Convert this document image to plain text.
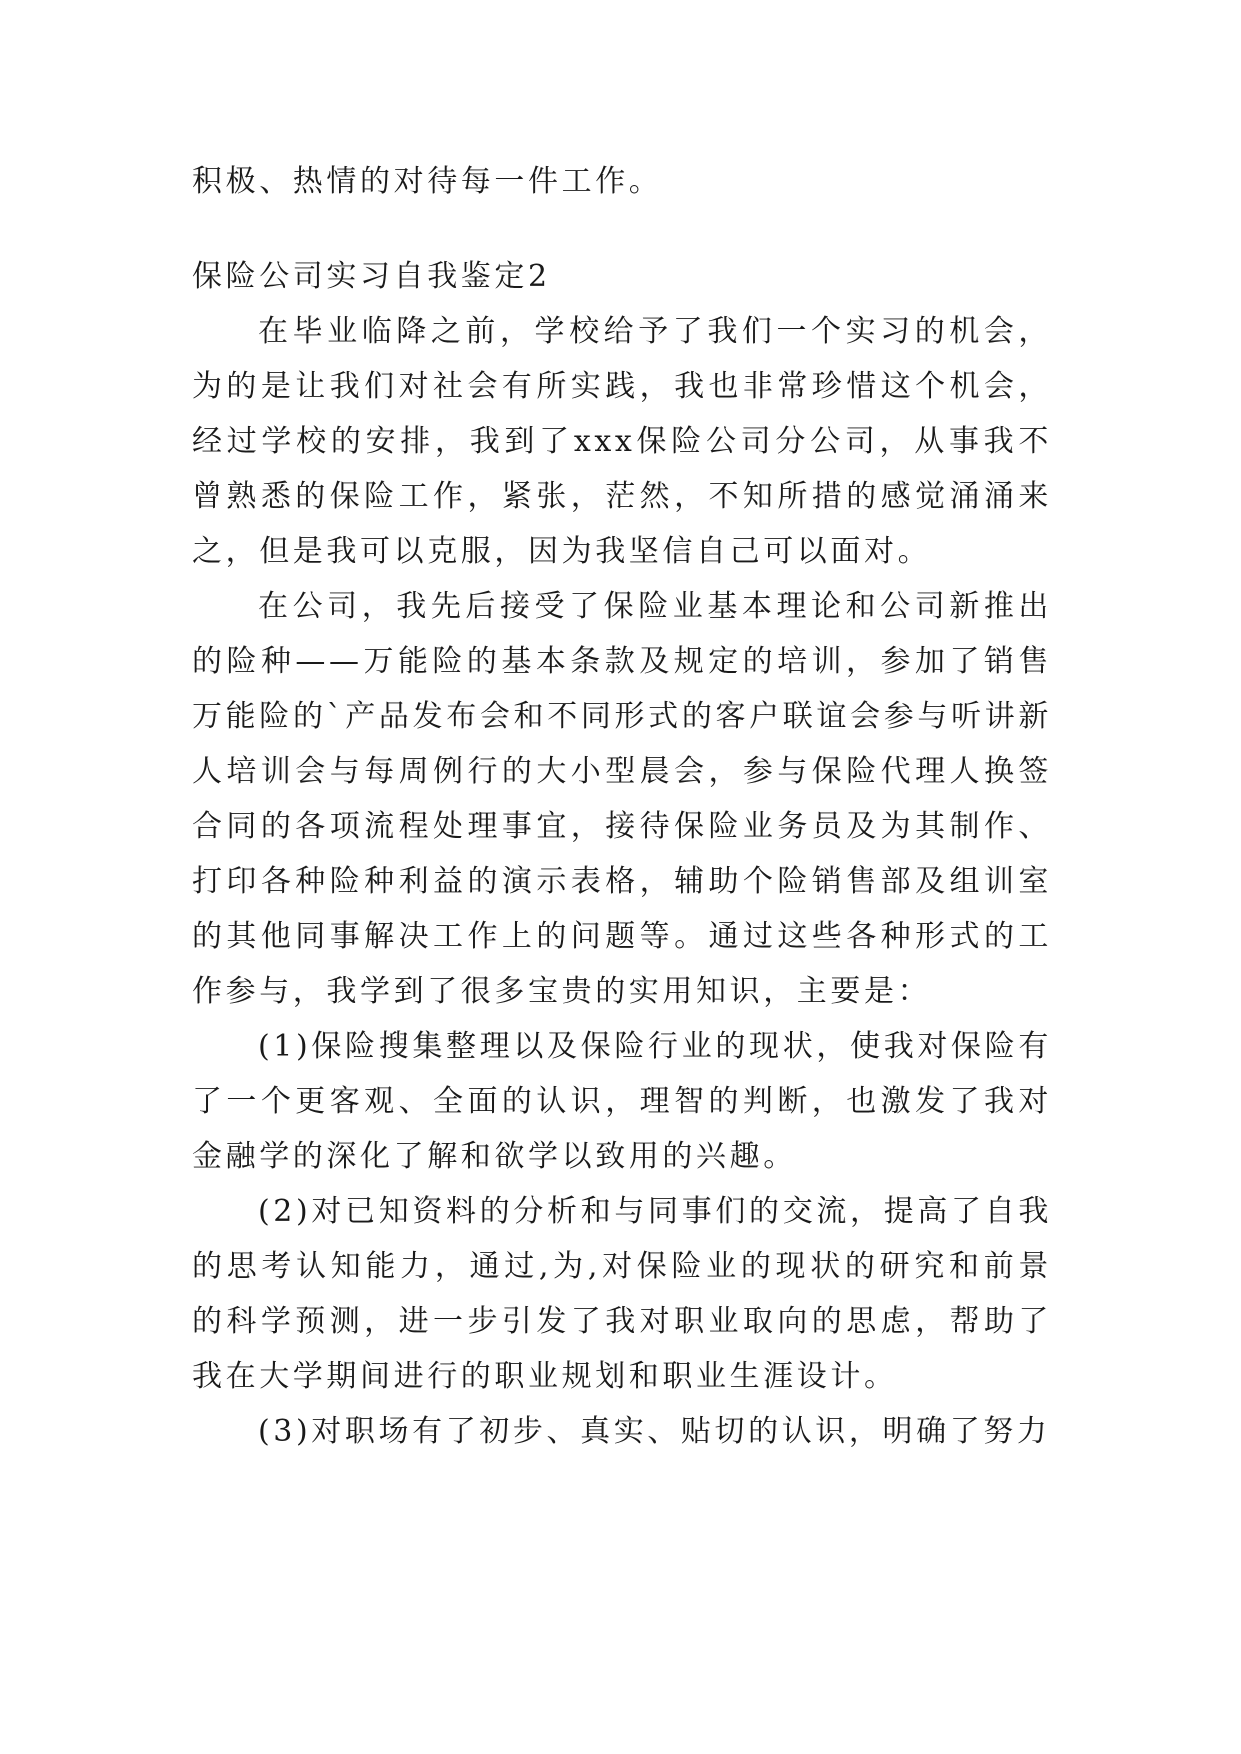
积极、热情的对待每一件工作。

保险公司实习自我鉴定2

在毕业临降之前，学校给予了我们一个实习的机会，为的是让我们对社会有所实践，我也非常珍惜这个机会，经过学校的安排，我到了xxx保险公司分公司，从事我不曾熟悉的保险工作，紧张，茫然，不知所措的感觉涌涌来之，但是我可以克服，因为我坚信自己可以面对。

在公司，我先后接受了保险业基本理论和公司新推出的险种——万能险的基本条款及规定的培训，参加了销售万能险的`产品发布会和不同形式的客户联谊会参与听讲新人培训会与每周例行的大小型晨会，参与保险代理人换签合同的各项流程处理事宜，接待保险业务员及为其制作、打印各种险种利益的演示表格，辅助个险销售部及组训室的其他同事解决工作上的问题等。通过这些各种形式的工作参与，我学到了很多宝贵的实用知识，主要是：

(1)保险搜集整理以及保险行业的现状，使我对保险有了一个更客观、全面的认识，理智的判断，也激发了我对金融学的深化了解和欲学以致用的兴趣。

(2)对已知资料的分析和与同事们的交流，提高了自我的思考认知能力，通过,为,对保险业的现状的研究和前景的科学预测，进一步引发了我对职业取向的思虑，帮助了我在大学期间进行的职业规划和职业生涯设计。

(3)对职场有了初步、真实、贴切的认识，明确了努力
